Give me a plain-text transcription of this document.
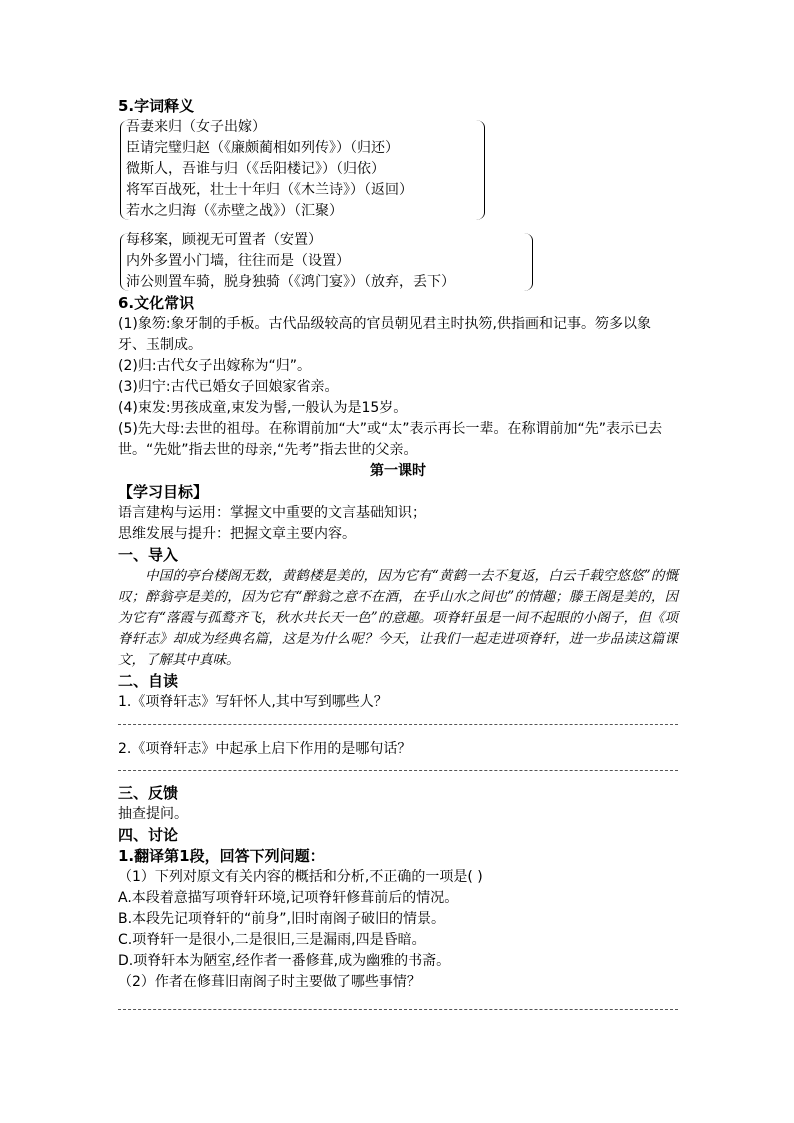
5.字词释义

吾妻来归（女子出嫁）

臣请完璧归赵（《廉颇蔺相如列传》）（归还）

微斯人，吾谁与归（《岳阳楼记》）（归依）

将军百战死，壮士十年归（《木兰诗》）（返回）

若水之归海（《赤壁之战》）（汇聚）

每移案，顾视无可置者（安置）

内外多置小门墙，往往而是（设置）

沛公则置车骑，脱身独骑（《鸿门宴》）（放弃，丢下）

6.文化常识

(1)象笏:象牙制的手板。古代品级较高的官员朝见君主时执笏,供指画和记事。笏多以象牙、玉制成。

(2)归:古代女子出嫁称为“归”。

(3)归宁:古代已婚女子回娘家省亲。

(4)束发:男孩成童,束发为髻,一般认为是15岁。

(5)先大母:去世的祖母。在称谓前加“大”或“太”表示再长一辈。在称谓前加“先”表示已去世。“先妣”指去世的母亲,“先考”指去世的父亲。

第一课时

【学习目标】

语言建构与运用：掌握文中重要的文言基础知识；

思维发展与提升：把握文章主要内容。

一、导入

中国的亭台楼阁无数，黄鹤楼是美的，因为它有“黄鹤一去不复返，白云千载空悠悠”的慨叹；醉翁亭是美的，因为它有“醉翁之意不在酒，在乎山水之间也”的情趣；滕王阁是美的，因为它有“落霞与孤鹜齐飞，秋水共长天一色”的意趣。项脊轩虽是一间不起眼的小阁子，但《项脊轩志》却成为经典名篇，这是为什么呢？今天，让我们一起走进项脊轩，进一步品读这篇课文，了解其中真味。

二、自读

1.《项脊轩志》写轩怀人,其中写到哪些人？

2.《项脊轩志》中起承上启下作用的是哪句话？

三、反馈

抽查提问。

四、讨论

1.翻译第1段，回答下列问题：

（1）下列对原文有关内容的概括和分析,不正确的一项是( )

A.本段着意描写项脊轩环境,记项脊轩修葺前后的情况。

B.本段先记项脊轩的“前身”,旧时南阁子破旧的情景。

C.项脊轩一是很小,二是很旧,三是漏雨,四是昏暗。

D.项脊轩本为陋室,经作者一番修葺,成为幽雅的书斋。

（2）作者在修葺旧南阁子时主要做了哪些事情？
